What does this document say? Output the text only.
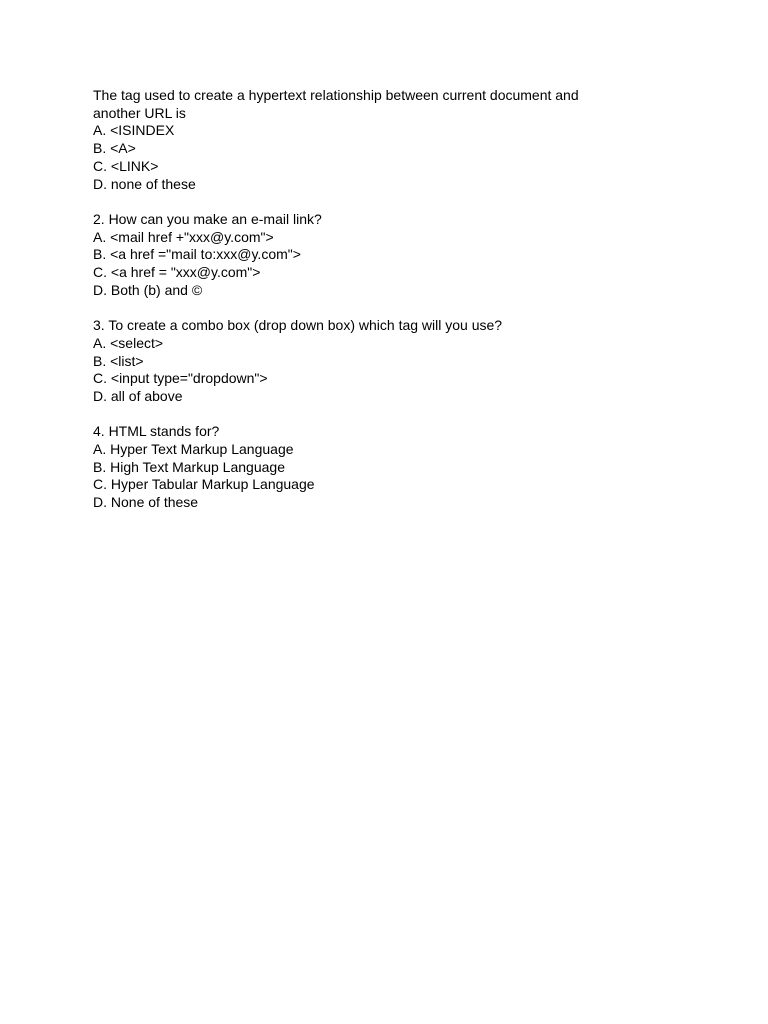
The tag used to create a hypertext relationship between current document and another URL is
A. <ISINDEX
B. <A>
C. <LINK>
D. none of these
2. How can you make an e-mail link?
A. <mail href +"xxx@y.com">
B. <a href ="mail to:xxx@y.com">
C. <a href = "xxx@y.com">
D. Both (b) and ©
3. To create a combo box (drop down box) which tag will you use?
A. <select>
B. <list>
C. <input type="dropdown">
D. all of above
4. HTML stands for?
A. Hyper Text Markup Language
B. High Text Markup Language
C. Hyper Tabular Markup Language
D. None of these
